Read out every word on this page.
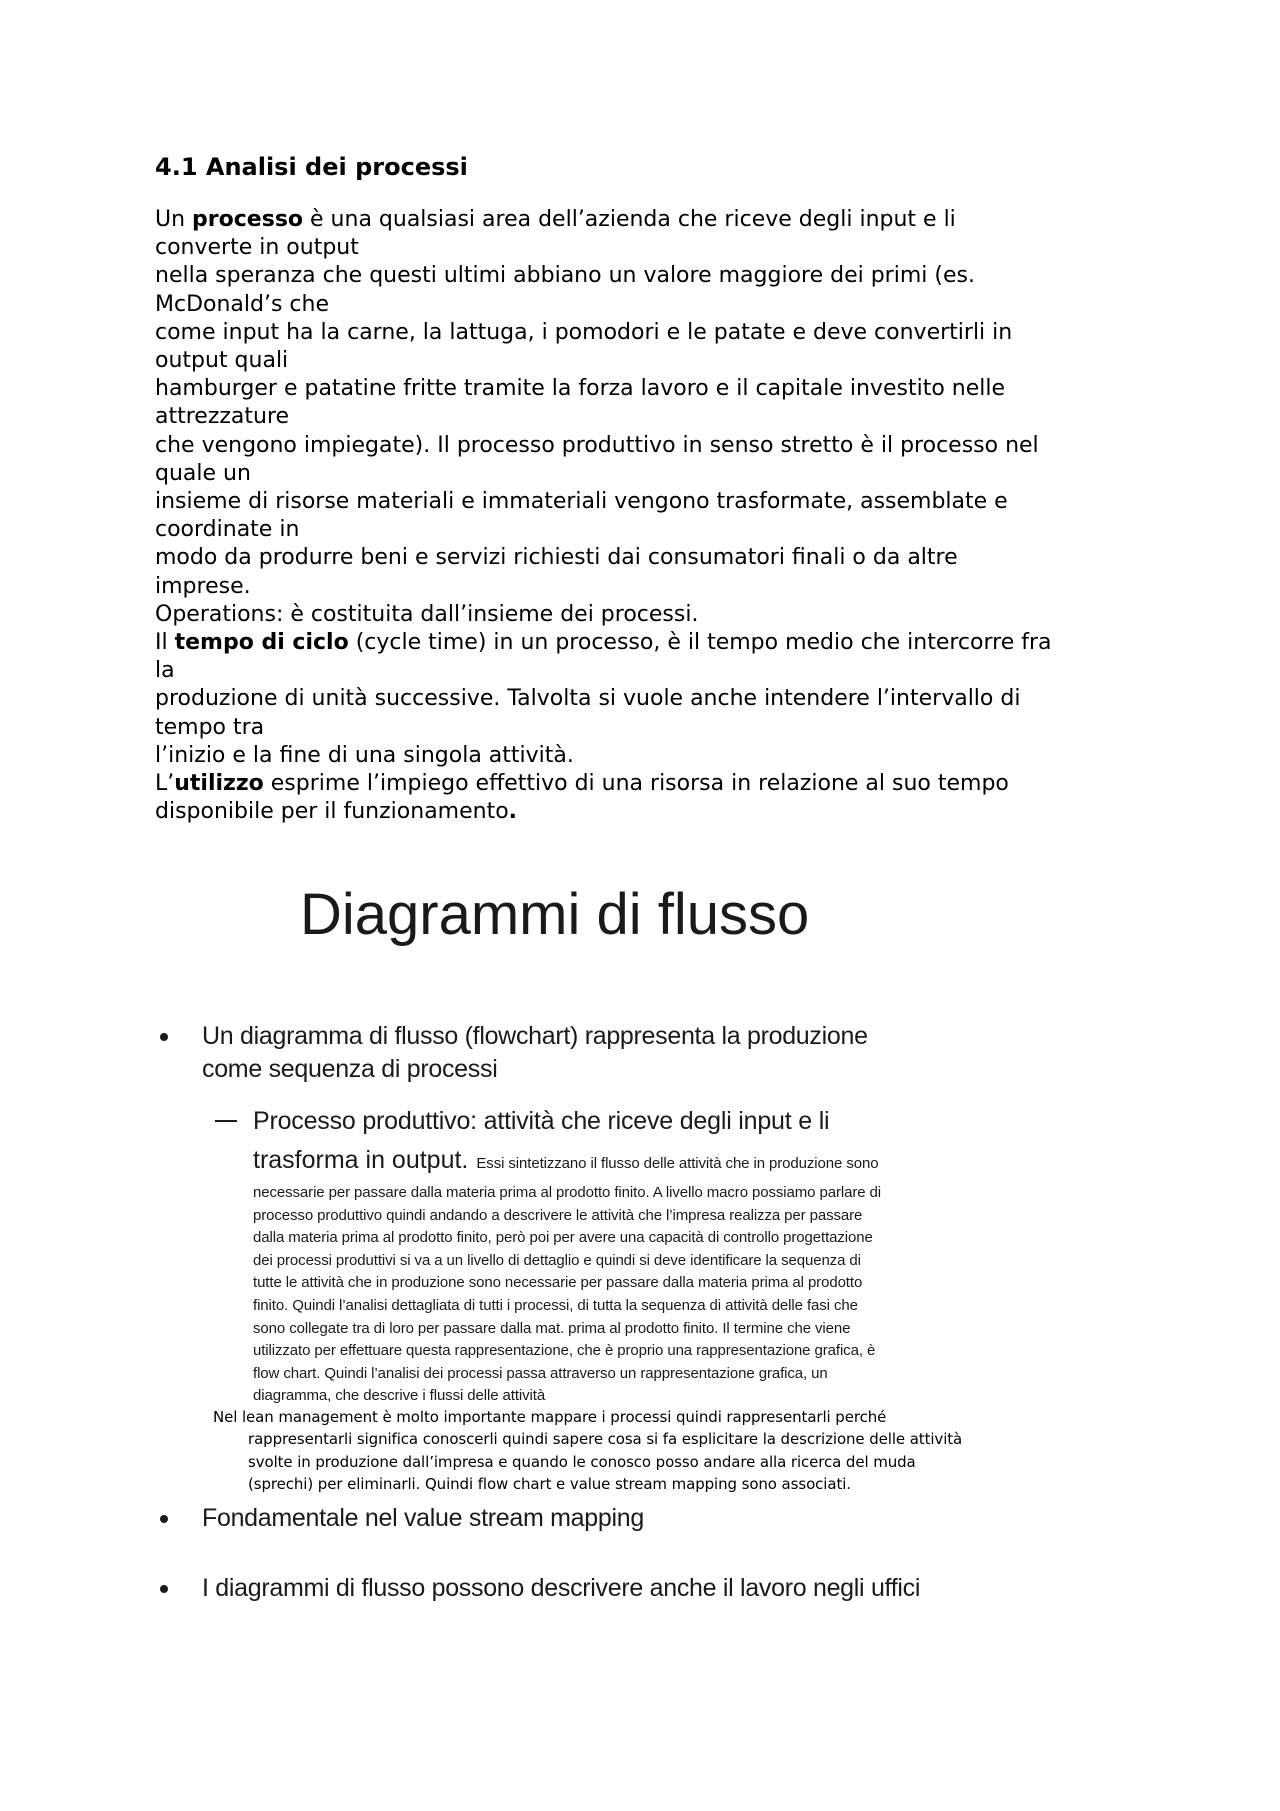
4.1 Analisi dei processi
Un processo è una qualsiasi area dell’azienda che riceve degli input e li
converte in output
nella speranza che questi ultimi abbiano un valore maggiore dei primi (es.
McDonald’s che
come input ha la carne, la lattuga, i pomodori e le patate e deve convertirli in
output quali
hamburger e patatine fritte tramite la forza lavoro e il capitale investito nelle
attrezzature
che vengono impiegate). Il processo produttivo in senso stretto è il processo nel
quale un
insieme di risorse materiali e immateriali vengono trasformate, assemblate e
coordinate in
modo da produrre beni e servizi richiesti dai consumatori finali o da altre
imprese.
Operations: è costituita dall’insieme dei processi.
Il tempo di ciclo (cycle time) in un processo, è il tempo medio che intercorre fra
la
produzione di unità successive. Talvolta si vuole anche intendere l’intervallo di
tempo tra
l’inizio e la fine di una singola attività.
L’utilizzo esprime l’impiego effettivo di una risorsa in relazione al suo tempo
disponibile per il funzionamento.
Diagrammi di flusso
Un diagramma di flusso (flowchart) rappresenta la produzione
come sequenza di processi
Processo produttivo: attività che riceve degli input e li
trasforma in output. Essi sintetizzano il flusso delle attività che in produzione sono
necessarie per passare dalla materia prima al prodotto finito. A livello macro possiamo parlare di
processo produttivo quindi andando a descrivere le attività che l’impresa realizza per passare
dalla materia prima al prodotto finito, però poi per avere una capacità di controllo progettazione
dei processi produttivi si va a un livello di dettaglio e quindi si deve identificare la sequenza di
tutte le attività che in produzione sono necessarie per passare dalla materia prima al prodotto
finito. Quindi l’analisi dettagliata di tutti i processi, di tutta la sequenza di attività delle fasi che
sono collegate tra di loro per passare dalla mat. prima al prodotto finito. Il termine che viene
utilizzato per effettuare questa rappresentazione, che è proprio una rappresentazione grafica, è
flow chart. Quindi l’analisi dei processi passa attraverso un rappresentazione grafica, un
diagramma, che descrive i flussi delle attività
Nel lean management è molto importante mappare i processi quindi rappresentarli perché
rappresentarli significa conoscerli quindi sapere cosa si fa esplicitare la descrizione delle attività
svolte in produzione dall’impresa e quando le conosco posso andare alla ricerca del muda
(sprechi) per eliminarli. Quindi flow chart e value stream mapping sono associati.
Fondamentale nel value stream mapping
I diagrammi di flusso possono descrivere anche il lavoro negli uffici
